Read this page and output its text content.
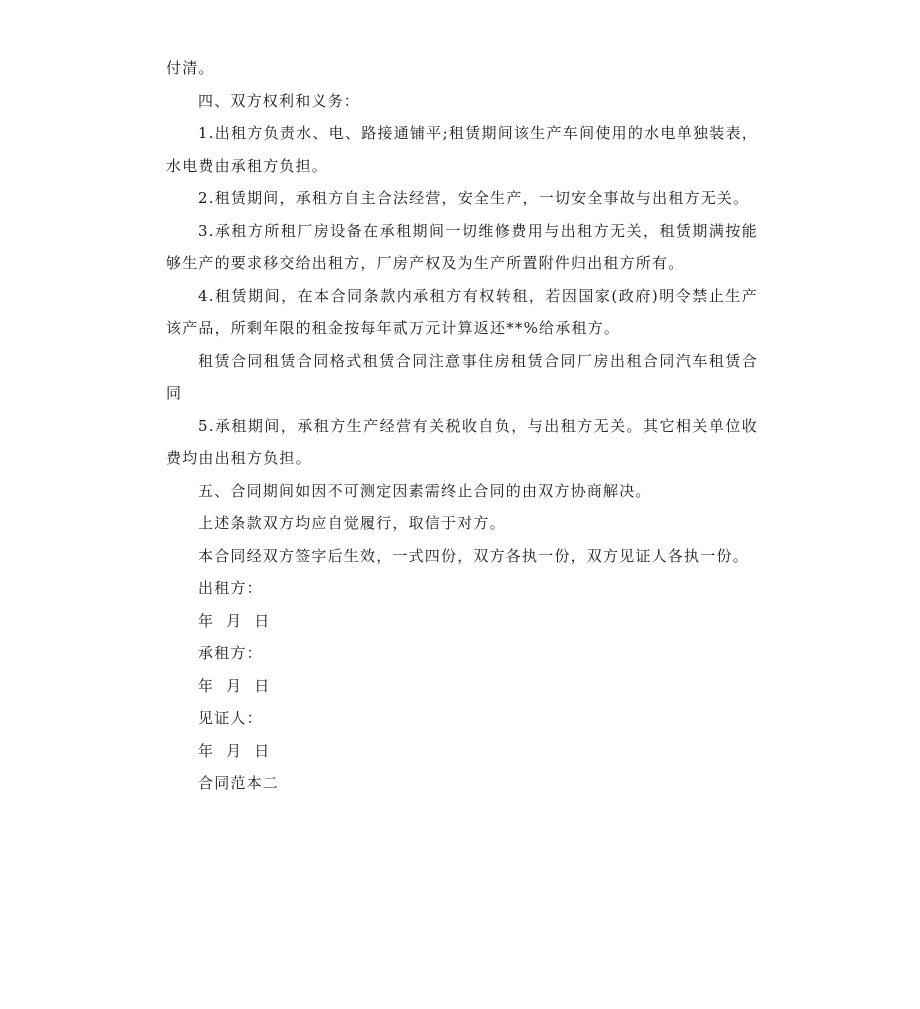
付清。

四、双方权利和义务：

1.出租方负责水、电、路接通铺平;租赁期间该生产车间使用的水电单独装表，水电费由承租方负担。

2.租赁期间，承租方自主合法经营，安全生产，一切安全事故与出租方无关。

3.承租方所租厂房设备在承租期间一切维修费用与出租方无关，租赁期满按能够生产的要求移交给出租方，厂房产权及为生产所置附件归出租方所有。

4.租赁期间，在本合同条款内承租方有权转租，若因国家(政府)明令禁止生产该产品，所剩年限的租金按每年贰万元计算返还**%给承租方。

租赁合同租赁合同格式租赁合同注意事住房租赁合同厂房出租合同汽车租赁合同

5.承租期间，承租方生产经营有关税收自负，与出租方无关。其它相关单位收费均由出租方负担。

五、合同期间如因不可测定因素需终止合同的由双方协商解决。

上述条款双方均应自觉履行，取信于对方。

本合同经双方签字后生效，一式四份，双方各执一份，双方见证人各执一份。

出租方：

年  月  日

承租方：

年  月  日

见证人：

年  月  日

合同范本二
